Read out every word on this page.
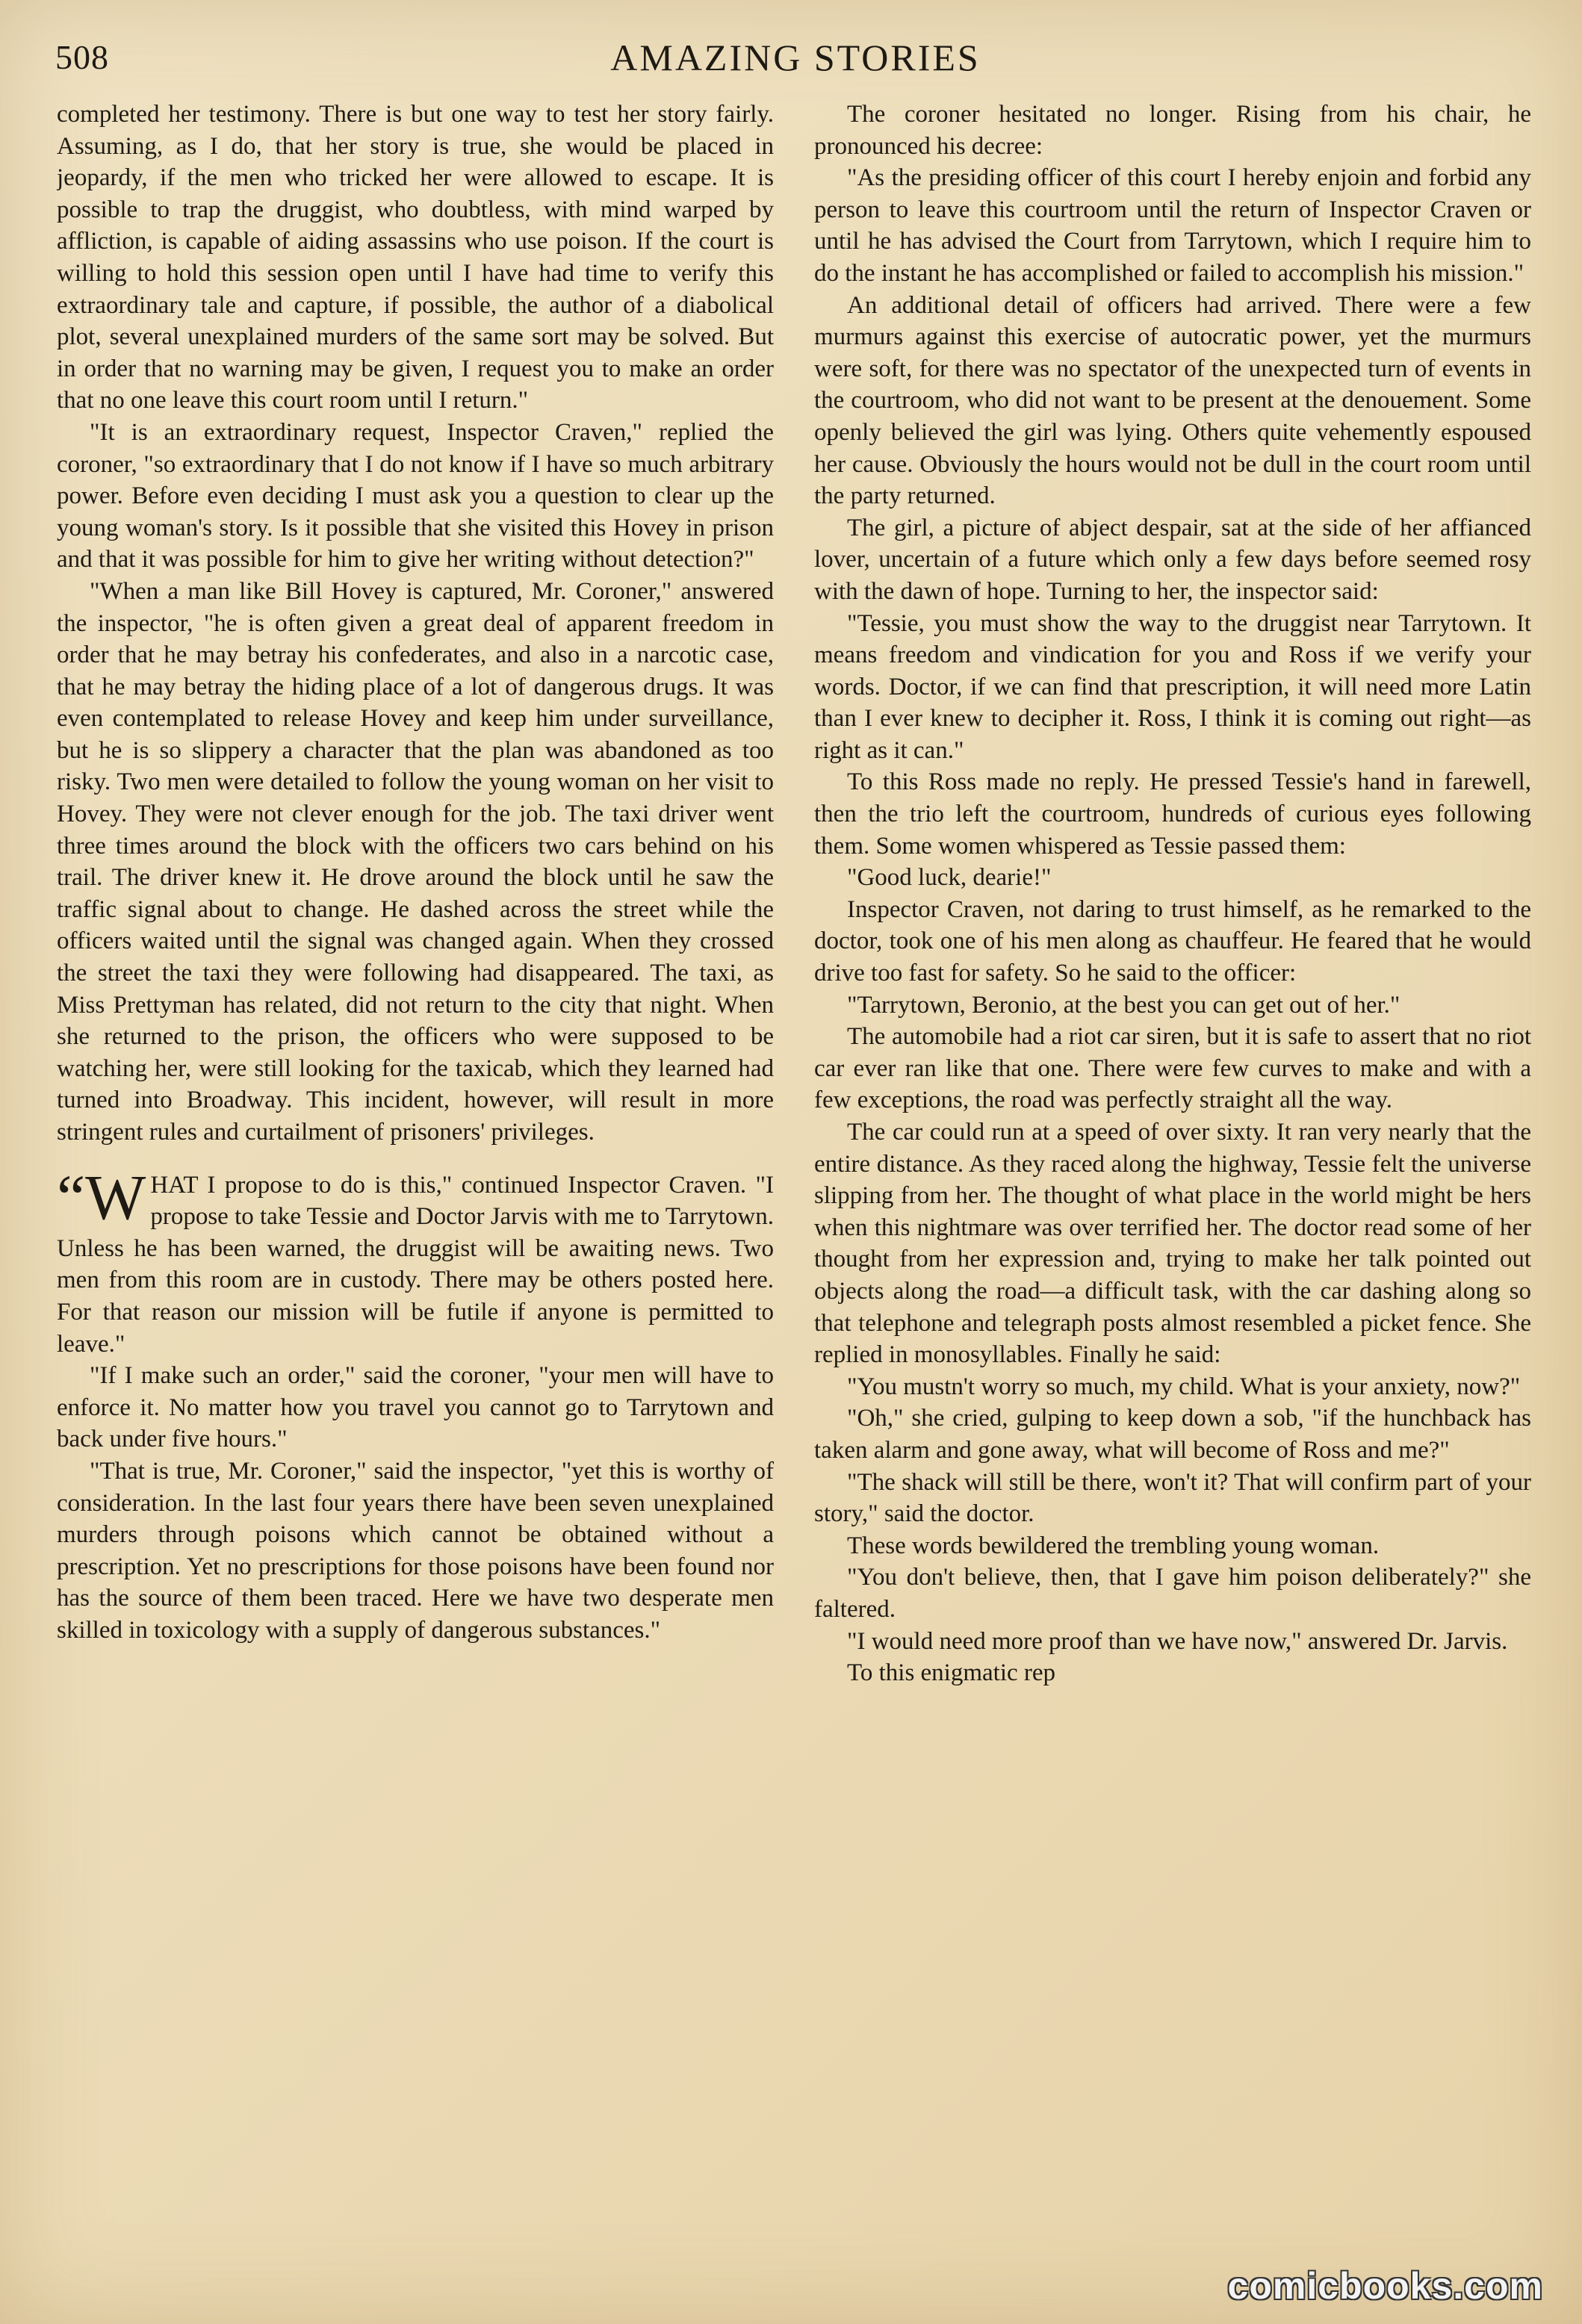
508	AMAZING STORIES

completed her testimony. There is but one way to test her story fairly. Assuming, as I do, that her story is true, she would be placed in jeopardy, if the men who tricked her were allowed to escape. It is possible to trap the druggist, who doubtless, with mind warped by affliction, is capable of aiding assassins who use poison. If the court is willing to hold this session open until I have had time to verify this extraordinary tale and capture, if possible, the author of a diabolical plot, several unexplained murders of the same sort may be solved. But in order that no warning may be given, I request you to make an order that no one leave this court room until I return."

"It is an extraordinary request, Inspector Craven," replied the coroner, "so extraordinary that I do not know if I have so much arbitrary power. Before even deciding I must ask you a question to clear up the young woman's story. Is it possible that she visited this Hovey in prison and that it was possible for him to give her writing without detection?"

"When a man like Bill Hovey is captured, Mr. Coroner," answered the inspector, "he is often given a great deal of apparent freedom in order that he may betray his confederates, and also in a narcotic case, that he may betray the hiding place of a lot of dangerous drugs. It was even contemplated to release Hovey and keep him under surveillance, but he is so slippery a character that the plan was abandoned as too risky. Two men were detailed to follow the young woman on her visit to Hovey. They were not clever enough for the job. The taxi driver went three times around the block with the officers two cars behind on his trail. The driver knew it. He drove around the block until he saw the traffic signal about to change. He dashed across the street while the officers waited until the signal was changed again. When they crossed the street the taxi they were following had disappeared. The taxi, as Miss Prettyman has related, did not return to the city that night. When she returned to the prison, the officers who were supposed to be watching her, were still looking for the taxicab, which they learned had turned into Broadway. This incident, however, will result in more stringent rules and curtailment of prisoners' privileges.

“W HAT I propose to do is this," continued Inspector Craven. "I propose to take Tessie and Doctor Jarvis with me to Tarrytown. Unless he has been warned, the druggist will be awaiting news. Two men from this room are in custody. There may be others posted here. For that reason our mission will be futile if anyone is permitted to leave."

"If I make such an order," said the coroner, "your men will have to enforce it. No matter how you travel you cannot go to Tarrytown and back under five hours."

"That is true, Mr. Coroner," said the inspector, "yet this is worthy of consideration. In the last four years there have been seven unexplained murders through poisons which cannot be obtained without a prescription. Yet no prescriptions for those poisons have been found nor has the source of them been traced. Here we have two desperate men skilled in toxicology with a supply of dangerous substances."

The coroner hesitated no longer. Rising from his chair, he pronounced his decree:

"As the presiding officer of this court I hereby enjoin and forbid any person to leave this courtroom until the return of Inspector Craven or until he has advised the Court from Tarrytown, which I require him to do the instant he has accomplished or failed to accomplish his mission."

An additional detail of officers had arrived. There were a few murmurs against this exercise of autocratic power, yet the murmurs were soft, for there was no spectator of the unexpected turn of events in the courtroom, who did not want to be present at the denouement. Some openly believed the girl was lying. Others quite vehemently espoused her cause. Obviously the hours would not be dull in the court room until the party returned.

The girl, a picture of abject despair, sat at the side of her affianced lover, uncertain of a future which only a few days before seemed rosy with the dawn of hope. Turning to her, the inspector said:

"Tessie, you must show the way to the druggist near Tarrytown. It means freedom and vindication for you and Ross if we verify your words. Doctor, if we can find that prescription, it will need more Latin than I ever knew to decipher it. Ross, I think it is coming out right—as right as it can."

To this Ross made no reply. He pressed Tessie's hand in farewell, then the trio left the courtroom, hundreds of curious eyes following them. Some women whispered as Tessie passed them:

"Good luck, dearie!"

Inspector Craven, not daring to trust himself, as he remarked to the doctor, took one of his men along as chauffeur. He feared that he would drive too fast for safety. So he said to the officer:

"Tarrytown, Beronio, at the best you can get out of her."

The automobile had a riot car siren, but it is safe to assert that no riot car ever ran like that one. There were few curves to make and with a few exceptions, the road was perfectly straight all the way.

The car could run at a speed of over sixty. It ran very nearly that the entire distance. As they raced along the highway, Tessie felt the universe slipping from her. The thought of what place in the world might be hers when this nightmare was over terrified her. The doctor read some of her thought from her expression and, trying to make her talk pointed out objects along the road—a difficult task, with the car dashing along so that telephone and telegraph posts almost resembled a picket fence. She replied in monosyllables. Finally he said:

"You mustn't worry so much, my child. What is your anxiety, now?"

"Oh," she cried, gulping to keep down a sob, "if the hunchback has taken alarm and gone away, what will become of Ross and me?"

"The shack will still be there, won't it? That will confirm part of your story," said the doctor.

These words bewildered the trembling young woman.

"You don't believe, then, that I gave him poison deliberately?" she faltered.

"I would need more proof than we have now," answered Dr. Jarvis.

To this enigmatic rep

comicbooks.com
